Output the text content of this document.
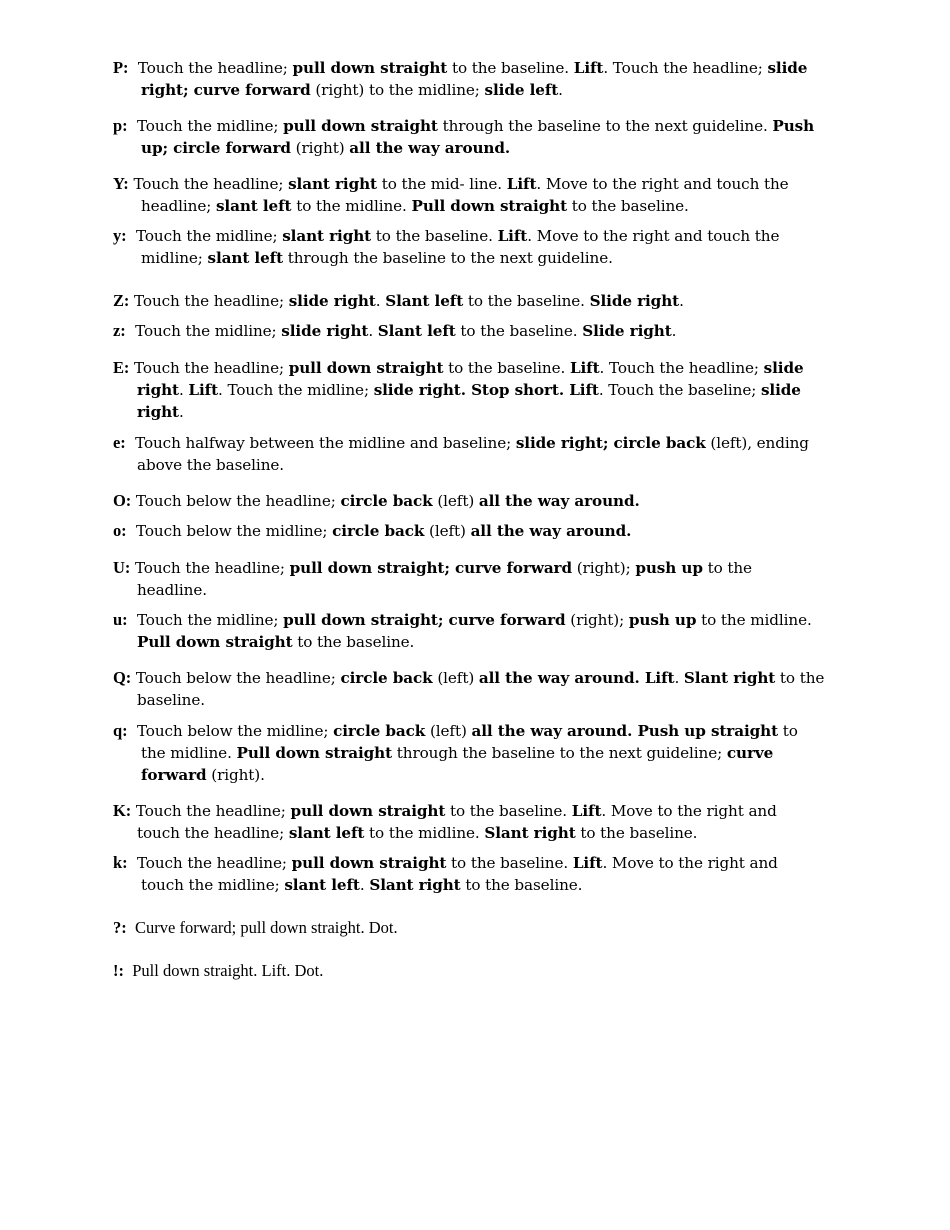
P: Touch the headline; pull down straight to the baseline. Lift. Touch the headline; slide
right; curve forward (right) to the midline; slide left.
p: Touch the midline; pull down straight through the baseline to the next guideline. Push
up; circle forward (right) all the way around.
Y: Touch the headline; slant right to the mid- line. Lift. Move to the right and touch the
headline; slant left to the midline. Pull down straight to the baseline.
y: Touch the midline; slant right to the baseline. Lift. Move to the right and touch the
midline; slant left through the baseline to the next guideline.
Z: Touch the headline; slide right. Slant left to the baseline. Slide right.
z: Touch the midline; slide right. Slant left to the baseline. Slide right.
E: Touch the headline; pull down straight to the baseline. Lift. Touch the headline; slide
right. Lift. Touch the midline; slide right. Stop short. Lift. Touch the baseline; slide
right.
e: Touch halfway between the midline and baseline; slide right; circle back (left), ending
above the baseline.
O: Touch below the headline; circle back (left) all the way around.
o: Touch below the midline; circle back (left) all the way around.
U: Touch the headline; pull down straight; curve forward (right); push up to the
headline.
u: Touch the midline; pull down straight; curve forward (right); push up to the midline.
Pull down straight to the baseline.
Q: Touch below the headline; circle back (left) all the way around. Lift. Slant right to the
baseline.
q: Touch below the midline; circle back (left) all the way around. Push up straight to
the midline. Pull down straight through the baseline to the next guideline; curve
forward (right).
K: Touch the headline; pull down straight to the baseline. Lift. Move to the right and
touch the headline; slant left to the midline. Slant right to the baseline.
k: Touch the headline; pull down straight to the baseline. Lift. Move to the right and
touch the midline; slant left. Slant right to the baseline.
?: Curve forward; pull down straight. Dot.
!: Pull down straight. Lift. Dot.
